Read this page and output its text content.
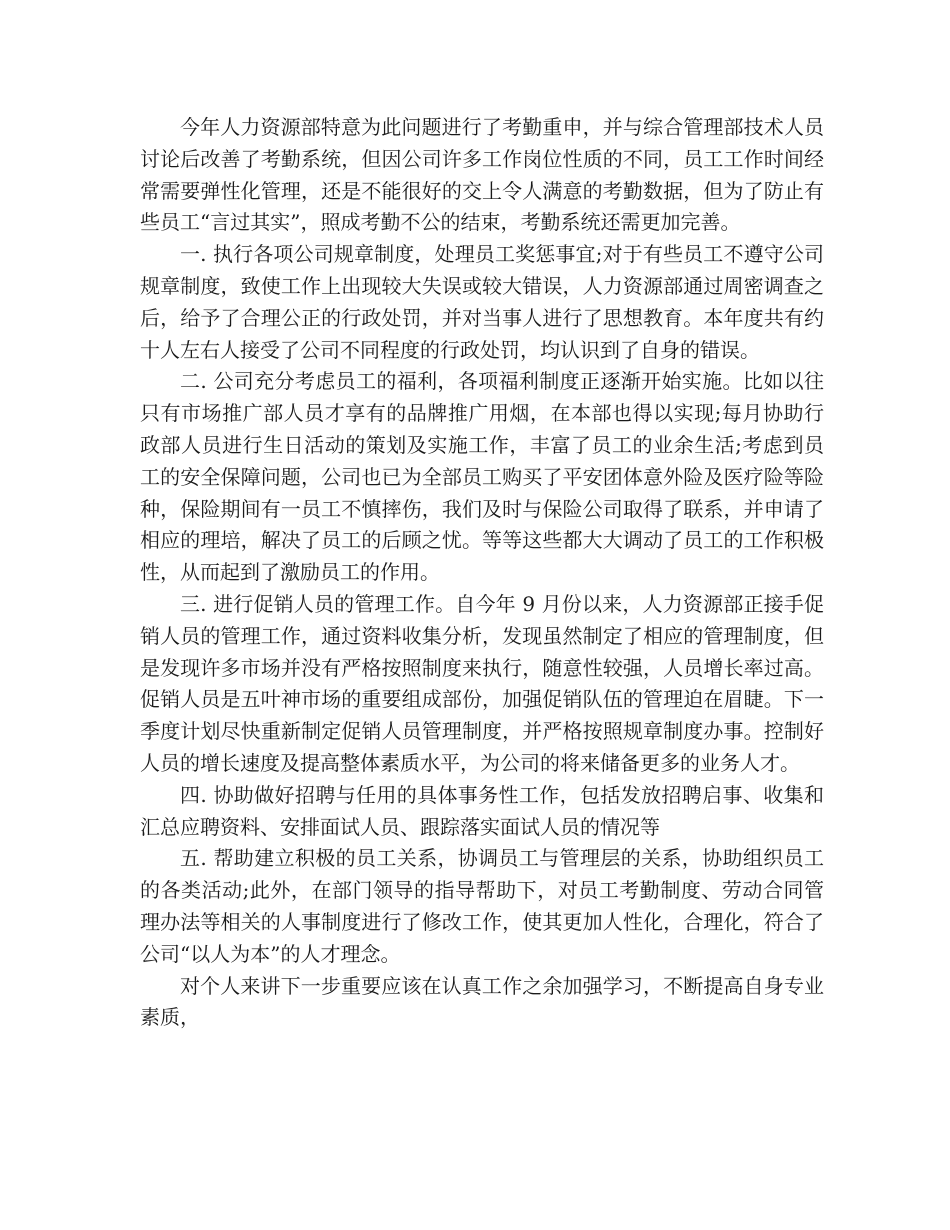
今年人力资源部特意为此问题进行了考勤重申，并与综合管理部技术人员讨论后改善了考勤系统，但因公司许多工作岗位性质的不同，员工工作时间经常需要弹性化管理，还是不能很好的交上令人满意的考勤数据，但为了防止有些员工“言过其实”，照成考勤不公的结束，考勤系统还需更加完善。

一. 执行各项公司规章制度，处理员工奖惩事宜;对于有些员工不遵守公司规章制度，致使工作上出现较大失误或较大错误，人力资源部通过周密调查之后，给予了合理公正的行政处罚，并对当事人进行了思想教育。本年度共有约十人左右人接受了公司不同程度的行政处罚，均认识到了自身的错误。

二. 公司充分考虑员工的福利，各项福利制度正逐渐开始实施。比如以往只有市场推广部人员才享有的品牌推广用烟，在本部也得以实现;每月协助行政部人员进行生日活动的策划及实施工作，丰富了员工的业余生活;考虑到员工的安全保障问题，公司也已为全部员工购买了平安团体意外险及医疗险等险种，保险期间有一员工不慎摔伤，我们及时与保险公司取得了联系，并申请了相应的理培，解决了员工的后顾之忧。等等这些都大大调动了员工的工作积极性，从而起到了激励员工的作用。

三. 进行促销人员的管理工作。自今年 9 月份以来，人力资源部正接手促销人员的管理工作，通过资料收集分析，发现虽然制定了相应的管理制度，但是发现许多市场并没有严格按照制度来执行，随意性较强，人员增长率过高。促销人员是五叶神市场的重要组成部份，加强促销队伍的管理迫在眉睫。下一季度计划尽快重新制定促销人员管理制度，并严格按照规章制度办事。控制好人员的增长速度及提高整体素质水平，为公司的将来储备更多的业务人才。

四. 协助做好招聘与任用的具体事务性工作，包括发放招聘启事、收集和汇总应聘资料、安排面试人员、跟踪落实面试人员的情况等

五. 帮助建立积极的员工关系，协调员工与管理层的关系，协助组织员工的各类活动;此外，在部门领导的指导帮助下，对员工考勤制度、劳动合同管理办法等相关的人事制度进行了修改工作，使其更加人性化，合理化，符合了公司“以人为本”的人才理念。

对个人来讲下一步重要应该在认真工作之余加强学习，不断提高自身专业素质，
